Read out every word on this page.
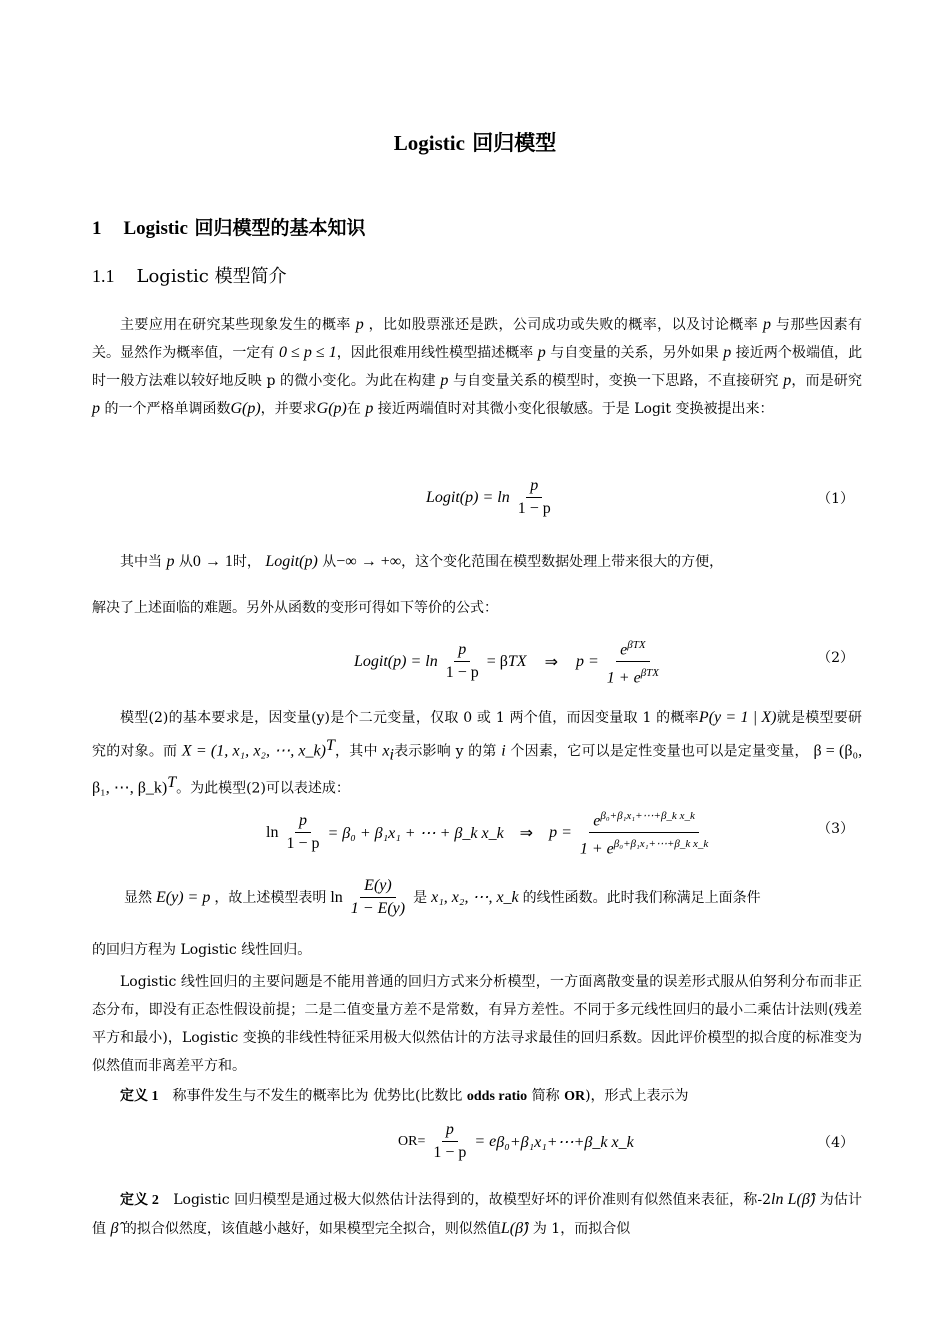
Logistic 回归模型
1 Logistic 回归模型的基本知识
1.1 Logistic 模型简介

主要应用在研究某些现象发生的概率 p ，比如股票涨还是跌，公司成功或失败的概率，以及讨论概率 p 与那些因素有关。显然作为概率值，一定有 0 ≤ p ≤ 1，因此很难用线性模型描述概率 p 与自变量的关系，另外如果 p 接近两个极端值，此时一般方法难以较好地反映 p 的微小变化。为此在构建 p 与自变量关系的模型时，变换一下思路，不直接研究 p，而是研究 p 的一个严格单调函数G(p)，并要求G(p)在 p 接近两端值时对其微小变化很敏感。于是 Logit 变换被提出来：

Logit(p) = $\ln \frac{p}{1 - p}$	（1）

其中当 p 从0 → 1时， Logit(p) 从−∞ → +∞，这个变化范围在模型数据处理上带来很大的方便，

解决了上述面临的难题。另外从函数的变形可得如下等价的公式：

Logit(p) = $\ln \frac{p}{1 - p} = \beta$ T X ⇒ $p = \frac{e^{\beta TX}}{1 + e^{\beta TX}}$	（2）

模型(2)的基本要求是，因变量(y)是个二元变量，仅取 0 或 1 两个值，而因变量取 1 的概率P(y = 1 | X)就是模型要研究的对象。而 X = (1, x₁, x₂, ⋯, x_k)$^T$，其中 $x_i$表示影响 y 的第 i 个因素，它可以是定性变量也可以是定量变量， β = (β₀, β₁, ⋯, β_k)$^T$。为此模型(2)可以表述成：

$\ln \frac{p}{1 - p} = \beta_0 + \beta_1x_1$ + ⋯ + β_k x_k ⇒ $p = \frac{e^{\beta_0+\beta_1x_1+\cdots+\beta\_k x\_k}}{1 + e^{\beta_0+\beta_1x_1+\cdots+\beta\_k x\_k}}$	（3）
显然 E(y) = p ，故上述模型表明 $\ln \frac{E(y)}{1 - E(y)}$ 是 x₁, x₂, ⋯, x_k 的线性函数。此时我们称满足上面条件

的回归方程为 Logistic 线性回归。

Logistic 线性回归的主要问题是不能用普通的回归方式来分析模型，一方面离散变量的误差形式服从伯努利分布而非正态分布，即没有正态性假设前提；二是二值变量方差不是常数，有异方差性。不同于多元线性回归的最小二乘估计法则(残差平方和最小)，Logistic 变换的非线性特征采用极大似然估计的方法寻求最佳的回归系数。因此评价模型的拟合度的标准变为似然值而非离差平方和。

定义 1　 称事件发生与不发生的概率比为 优势比(比数比 odds ratio 简称 OR)，形式上表示为

$OR= \frac{p}{1 - p} = e$ β₀+β₁x₁+⋯+β_k x_k	（4）

定义 2　 Logistic 回归模型是通过极大似然估计法得到的，故模型好坏的评价准则有似然值来表征，称-2ln L(β̂) 为估计值 β̂ 的拟合似然度，该值越小越好，如果模型完全拟合，则似然值L(β̂) 为 1，而拟合似
